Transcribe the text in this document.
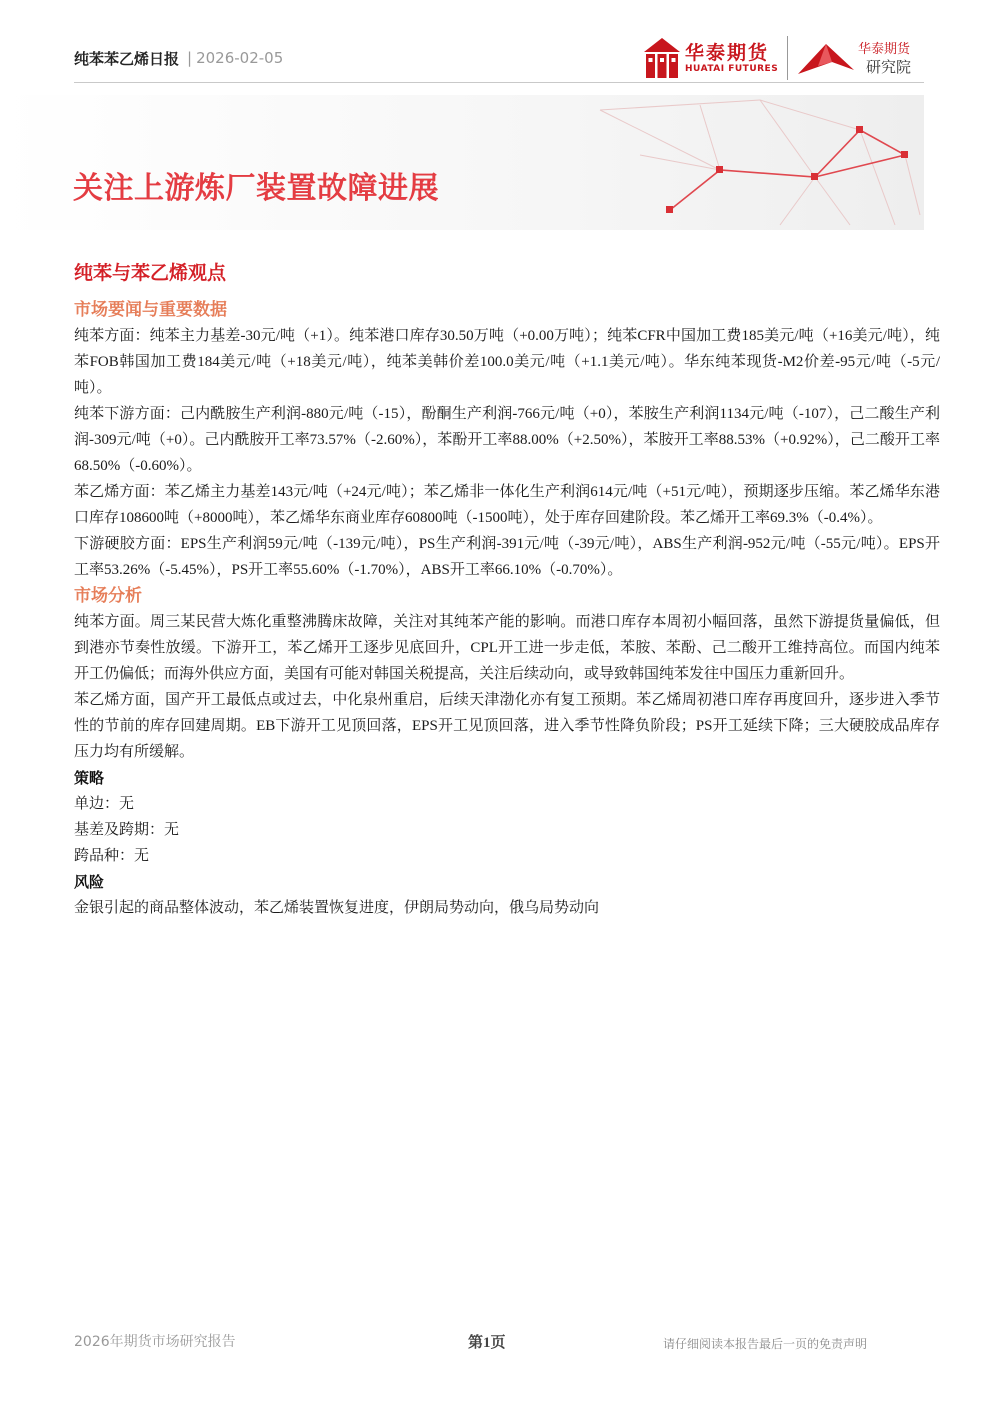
纯苯苯乙烯日报 | 2026-02-05	华泰期货
HUATAI FUTURES
华泰期货
研究院
关注上游炼厂装置故障进展
纯苯与苯乙烯观点
市场要闻与重要数据

纯苯方面：纯苯主力基差-30元/吨（+1）。纯苯港口库存30.50万吨（+0.00万吨）；纯苯CFR中国加工费185美元/吨（+16美元/吨），纯苯FOB韩国加工费184美元/吨（+18美元/吨），纯苯美韩价差100.0美元/吨（+1.1美元/吨）。华东纯苯现货-M2价差-95元/吨（-5元/吨）。

纯苯下游方面：己内酰胺生产利润-880元/吨（-15），酚酮生产利润-766元/吨（+0），苯胺生产利润1134元/吨（-107），己二酸生产利润-309元/吨（+0）。己内酰胺开工率73.57%（-2.60%），苯酚开工率88.00%（+2.50%），苯胺开工率88.53%（+0.92%），己二酸开工率68.50%（-0.60%）。

苯乙烯方面：苯乙烯主力基差143元/吨（+24元/吨）；苯乙烯非一体化生产利润614元/吨（+51元/吨），预期逐步压缩。苯乙烯华东港口库存108600吨（+8000吨），苯乙烯华东商业库存60800吨（-1500吨），处于库存回建阶段。苯乙烯开工率69.3%（-0.4%）。

下游硬胶方面：EPS生产利润59元/吨（-139元/吨），PS生产利润-391元/吨（-39元/吨），ABS生产利润-952元/吨（-55元/吨）。EPS开工率53.26%（-5.45%），PS开工率55.60%（-1.70%），ABS开工率66.10%（-0.70%）。

市场分析

纯苯方面。周三某民营大炼化重整沸腾床故障，关注对其纯苯产能的影响。而港口库存本周初小幅回落，虽然下游提货量偏低，但到港亦节奏性放缓。下游开工，苯乙烯开工逐步见底回升，CPL开工进一步走低，苯胺、苯酚、己二酸开工维持高位。而国内纯苯开工仍偏低；而海外供应方面，美国有可能对韩国关税提高，关注后续动向，或导致韩国纯苯发往中国压力重新回升。

苯乙烯方面，国产开工最低点或过去，中化泉州重启，后续天津渤化亦有复工预期。苯乙烯周初港口库存再度回升，逐步进入季节性的节前的库存回建周期。EB下游开工见顶回落，EPS开工见顶回落，进入季节性降负阶段；PS开工延续下降；三大硬胶成品库存压力均有所缓解。

策略
单边：无
基差及跨期：无
跨品种：无
风险
金银引起的商品整体波动，苯乙烯装置恢复进度，伊朗局势动向，俄乌局势动向
2026年期货市场研究报告	第1页	请仔细阅读本报告最后一页的免责声明
